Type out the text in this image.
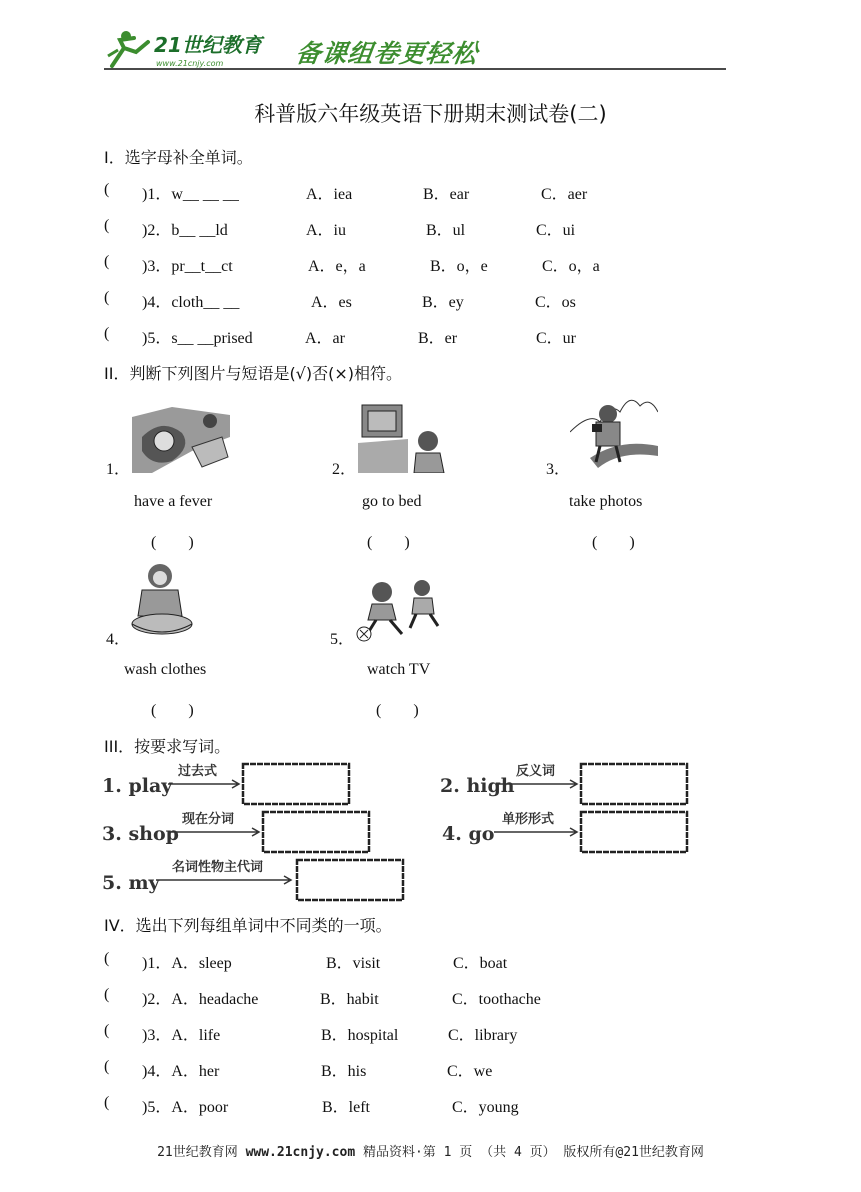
21世纪教育
www.21cnjy.com	备课组卷更轻松
科普版六年级英语下册期末测试卷(二)
I．选字母补全单词。
( )1．w__ __ __	A．iea	B．ear	C．aer
( )2．b__ __ld	A．iu	B．ul	C．ui
( )3．pr__t__ct	A．e，a	B．o，e	C．o，a
( )4．cloth__ __	A．es	B．ey	C．os
( )5．s__ __prised	A．ar	B．er	C．ur
II．判断下列图片与短语是(√)否(×)相符。
1．
have a fever
(　　)
2．
go to bed
(　　)
3．
take photos
(　　)
4．
wash clothes
(　　)
5．
watch TV
(　　)
III．按要求写词。
1. play	2. high
3. shop	4. go
5. my
过去式	反义词
现在分词	单形形式
名词性物主代词
IV．选出下列每组单词中不同类的一项。
( )1．A．sleep	B．visit	C．boat
( )2．A．headache	B．habit	C．toothache
( )3．A．life	B．hospital	C．library
( )4．A．her	B．his	C．we
( )5．A．poor	B．left	C．young
21世纪教育网 www.21cnjy.com 精品资料·第 1 页 （共 4 页） 版权所有@21世纪教育网
